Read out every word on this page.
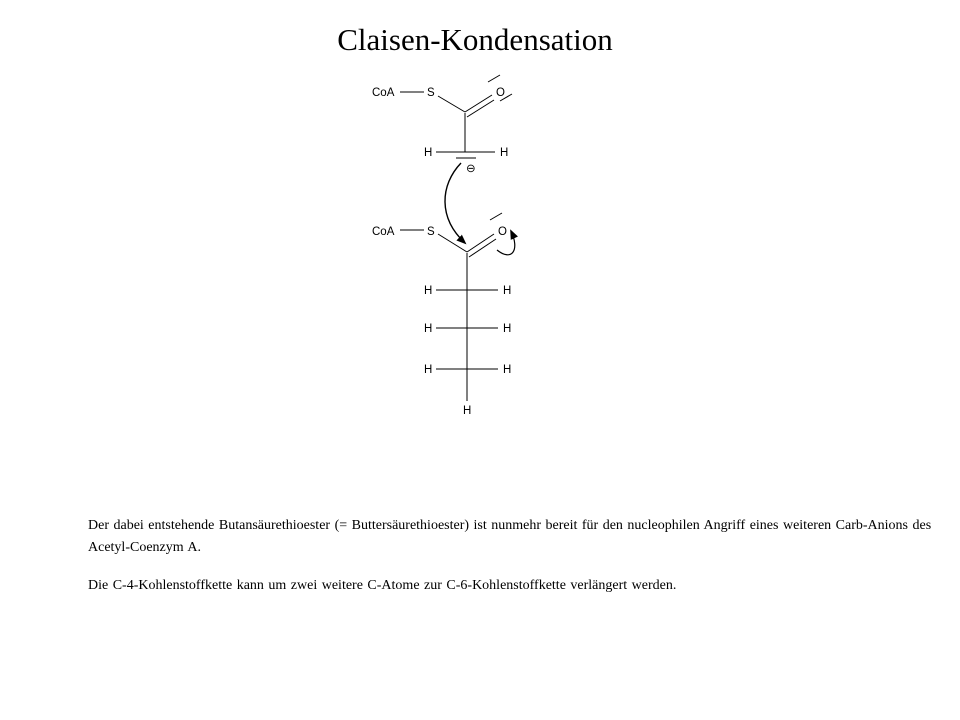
Claisen-Kondensation
CoA	S	O
H	H
⊖
CoA	S	O
H	H
H	H
H	H
H
Der dabei entstehende Butansäurethioester (= Buttersäurethioester) ist nunmehr bereit für den nucleophilen Angriff eines weiteren Carb-Anions des Acetyl-Coenzym A.
Die C-4-Kohlenstoffkette kann um zwei weitere C-Atome zur C-6-Kohlenstoffkette verlängert werden.
